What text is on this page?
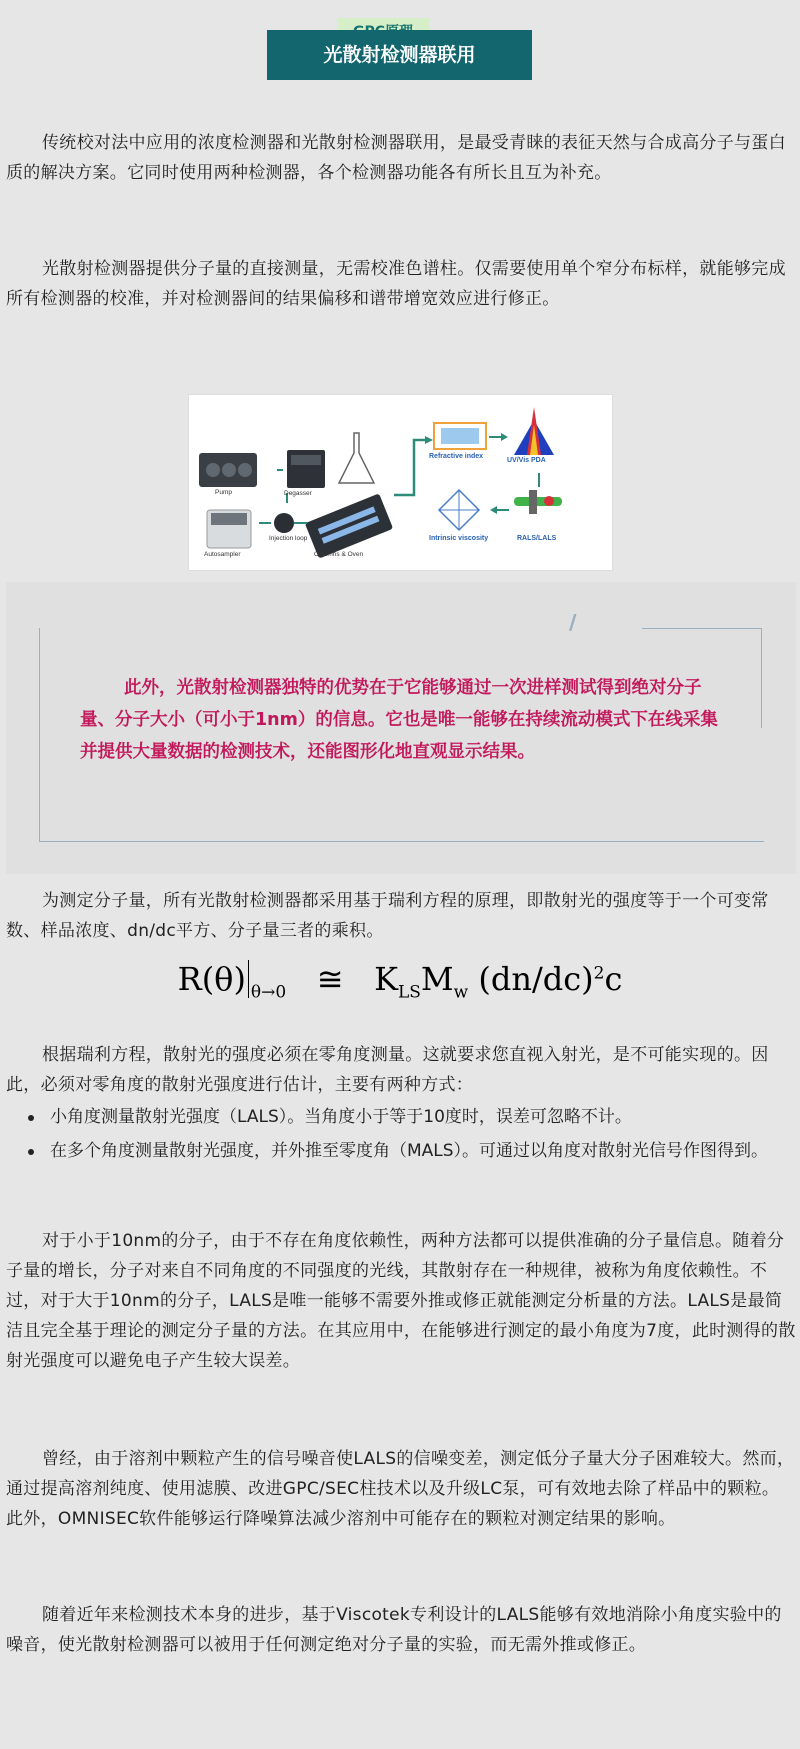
光散射检测器联用

传统校对法中应用的浓度检测器和光散射检测器联用，是最受青睐的表征天然与合成高分子与蛋白质的解决方案。它同时使用两种检测器，各个检测器功能各有所长且互为补充。

光散射检测器提供分子量的直接测量，无需校准色谱柱。仅需要使用单个窄分布标样，就能够完成所有检测器的校准，并对检测器间的结果偏移和谱带增宽效应进行修正。

Pump	Degasser
Autosampler
Injection loop
Columns & Oven
Refractive index
UV/Vis PDA
Intrinsic viscosity	RALS/LALS
//

此外，光散射检测器独特的优势在于它能够通过一次进样测试得到绝对分子量、分子大小（可小于1nm）的信息。它也是唯一能够在持续流动模式下在线采集并提供大量数据的检测技术，还能图形化地直观显示结果。

为测定分子量，所有光散射检测器都采用基于瑞利方程的原理，即散射光的强度等于一个可变常数、样品浓度、dn/dc平方、分子量三者的乘积。

R(θ) $_{\theta\to 0}$ ≅ $K_{LS}M_w$ $(dn/dc)^2c$

根据瑞利方程，散射光的强度必须在零角度测量。这就要求您直视入射光，是不可能实现的。因此，必须对零角度的散射光强度进行估计，主要有两种方式：

小角度测量散射光强度（LALS）。当角度小于等于10度时，误差可忽略不计。
在多个角度测量散射光强度，并外推至零度角（MALS）。可通过以角度对散射光信号作图得到。

对于小于10nm的分子，由于不存在角度依赖性，两种方法都可以提供准确的分子量信息。随着分子量的增长，分子对来自不同角度的不同强度的光线，其散射存在一种规律，被称为角度依赖性。不过，对于大于10nm的分子，LALS是唯一能够不需要外推或修正就能测定分析量的方法。LALS是最简洁且完全基于理论的测定分子量的方法。在其应用中，在能够进行测定的最小角度为7度，此时测得的散射光强度可以避免电子产生较大误差。

曾经，由于溶剂中颗粒产生的信号噪音使LALS的信噪变差，测定低分子量大分子困难较大。然而，通过提高溶剂纯度、使用滤膜、改进GPC/SEC柱技术以及升级LC泵，可有效地去除了样品中的颗粒。此外，OMNISEC软件能够运行降噪算法减少溶剂中可能存在的颗粒对测定结果的影响。

随着近年来检测技术本身的进步，基于Viscotek专利设计的LALS能够有效地消除小角度实验中的噪音，使光散射检测器可以被用于任何测定绝对分子量的实验，而无需外推或修正。
